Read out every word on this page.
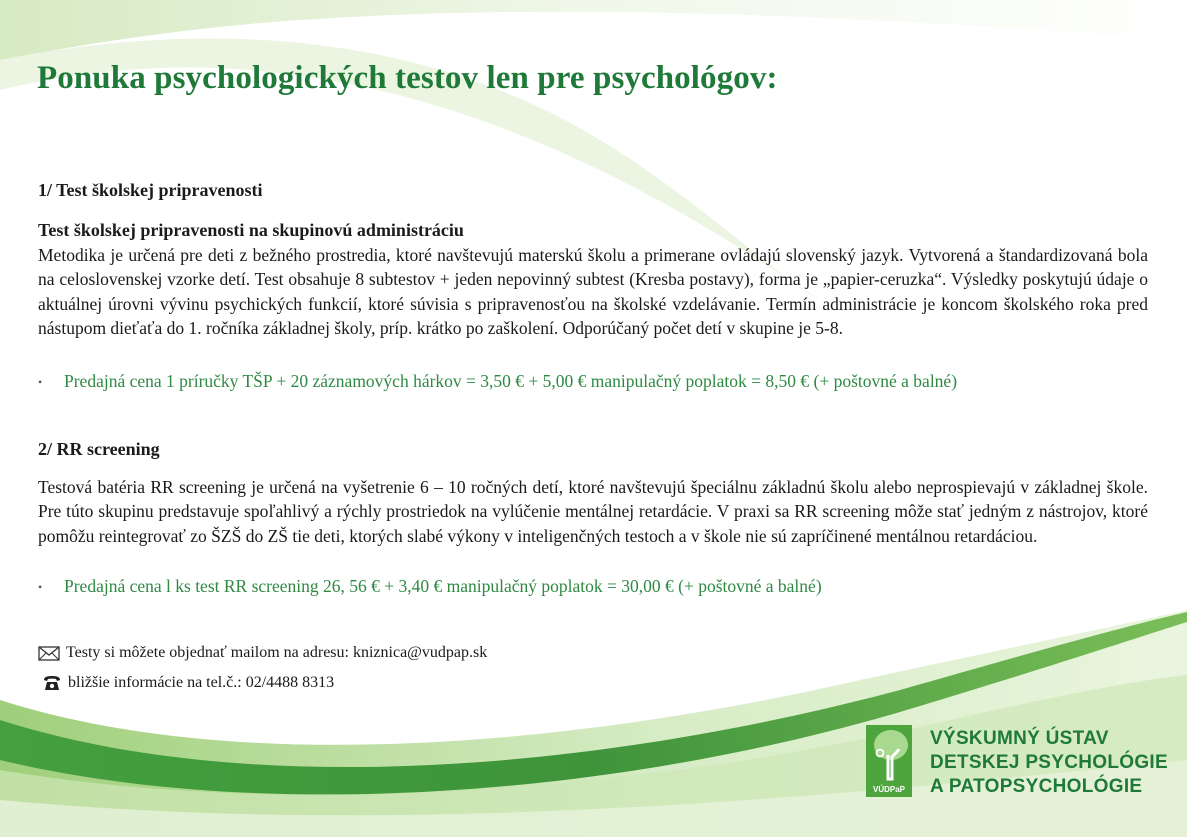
Ponuka psychologických testov len pre psychológov:
1/ Test školskej pripravenosti
Test školskej pripravenosti na skupinovú administráciu
Metodika je určená pre deti z bežného prostredia, ktoré navštevujú materskú školu a primerane ovládajú slovenský jazyk. Vytvorená a štandardizovaná bola na celoslovenskej vzorke detí. Test obsahuje 8 subtestov + jeden nepovinný subtest (Kresba postavy), forma je „papier-ceruzka“. Výsledky poskytujú údaje o aktuálnej úrovni vývinu psychických funkcií, ktoré súvisia s pripravenosťou na školské vzdelávanie. Termín administrácie je koncom školského roka pred nástupom dieťaťa do 1. ročníka základnej školy, príp. krátko po zaškolení. Odporúčaný počet detí v skupine je 5-8.
• Predajná cena 1 príručky TŠP + 20 záznamových hárkov = 3,50 € + 5,00 € manipulačný poplatok = 8,50 € (+ poštovné a balné)
2/ RR screening
Testová batéria RR screening je určená na vyšetrenie 6 – 10 ročných detí, ktoré navštevujú špeciálnu základnú školu alebo neprospievajú v základnej škole. Pre túto skupinu predstavuje spoľahlivý a rýchly prostriedok na vylúčenie mentálnej retardácie. V praxi sa RR screening môže stať jedným z nástrojov, ktoré pomôžu reintegrovať zo ŠZŠ do ZŠ tie deti, ktorých slabé výkony v inteligenčných testoch a v škole nie sú zapríčinené mentálnou retardáciou.
• Predajná cena l ks test RR screening 26, 56 € + 3,40 € manipulačný poplatok = 30,00 € (+ poštovné a balné)
Testy si môžete objednať mailom na adresu: kniznica@vudpap.sk
bližšie informácie na tel.č.: 02/4488 8313
VÚDPaP
VÝSKUMNÝ ÚSTAV
DETSKEJ PSYCHOLÓGIE
A PATOPSYCHOLÓGIE
